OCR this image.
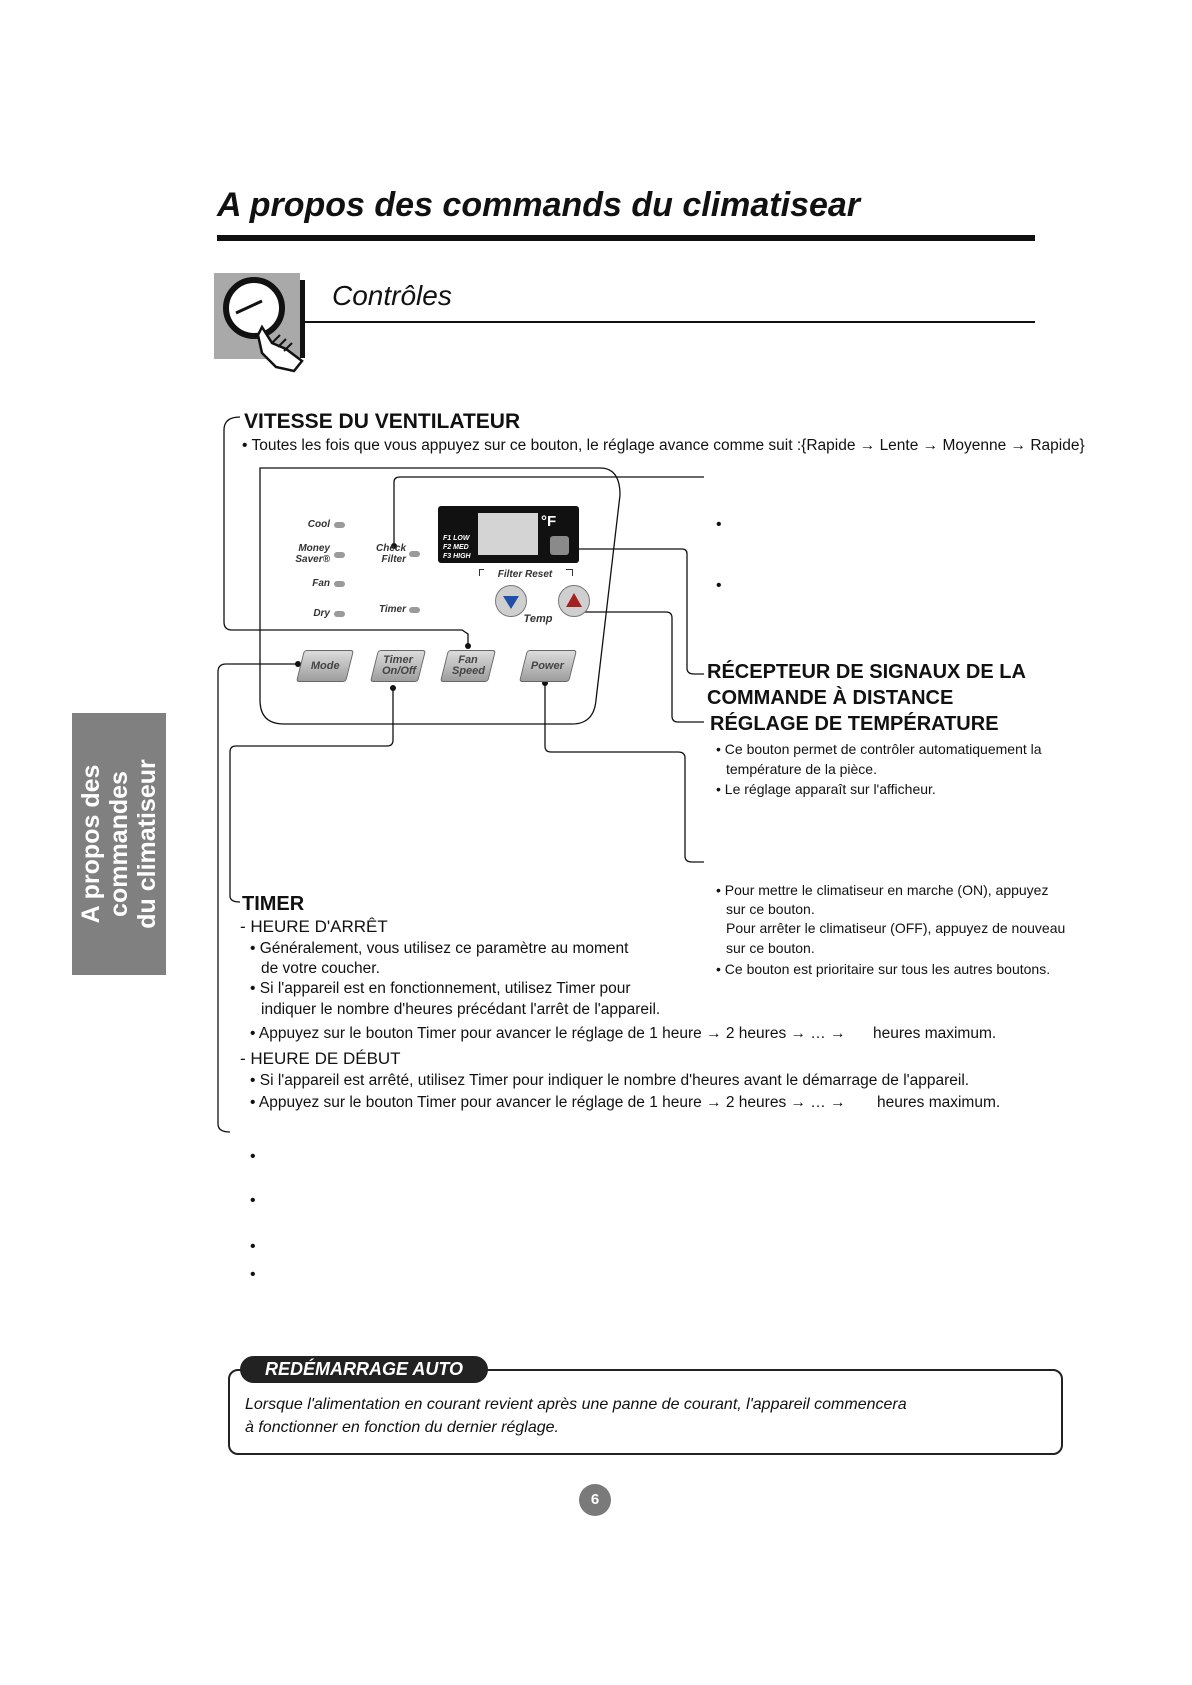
A propos des commands du climatisear
Contrôles
A propos des commandes du climatiseur
VITESSE DU VENTILATEUR
• Toutes les fois que vous appuyez sur ce bouton, le réglage avance comme suit :{Rapide → Lente → Moyenne → Rapide}
Cool
Money Saver®
Fan
Dry
Check Filter
Timer
°F
F1 LOW
F2 MED
F3 HIGH
Filter Reset
Temp
Mode	Timer On/Off
Fan Speed	Power
•
•
RÉCEPTEUR DE SIGNAUX DE LA
COMMANDE À DISTANCE
RÉGLAGE DE TEMPÉRATURE
• Ce bouton permet de contrôler automatiquement la
température de la pièce.
• Le réglage apparaît sur l'afficheur.
• Pour mettre le climatiseur en marche (ON), appuyez
sur ce bouton.
Pour arrêter le climatiseur (OFF), appuyez de nouveau
sur ce bouton.
• Ce bouton est prioritaire sur tous les autres boutons.
TIMER
- HEURE D'ARRÊT
• Généralement, vous utilisez ce paramètre au moment
de votre coucher.
• Si l'appareil est en fonctionnement, utilisez Timer pour
indiquer le nombre d'heures précédant l'arrêt de l'appareil.
• Appuyez sur le bouton Timer pour avancer le réglage de 1 heure → 2 heures → … → heures maximum.
- HEURE DE DÉBUT
• Si l'appareil est arrêté, utilisez Timer pour indiquer le nombre d'heures avant le démarrage de l'appareil.
• Appuyez sur le bouton Timer pour avancer le réglage de 1 heure → 2 heures → … → heures maximum.
•
•
•
•
REDÉMARRAGE AUTO
Lorsque l'alimentation en courant revient après une panne de courant, l'appareil commencera
à fonctionner en fonction du dernier réglage.
6
